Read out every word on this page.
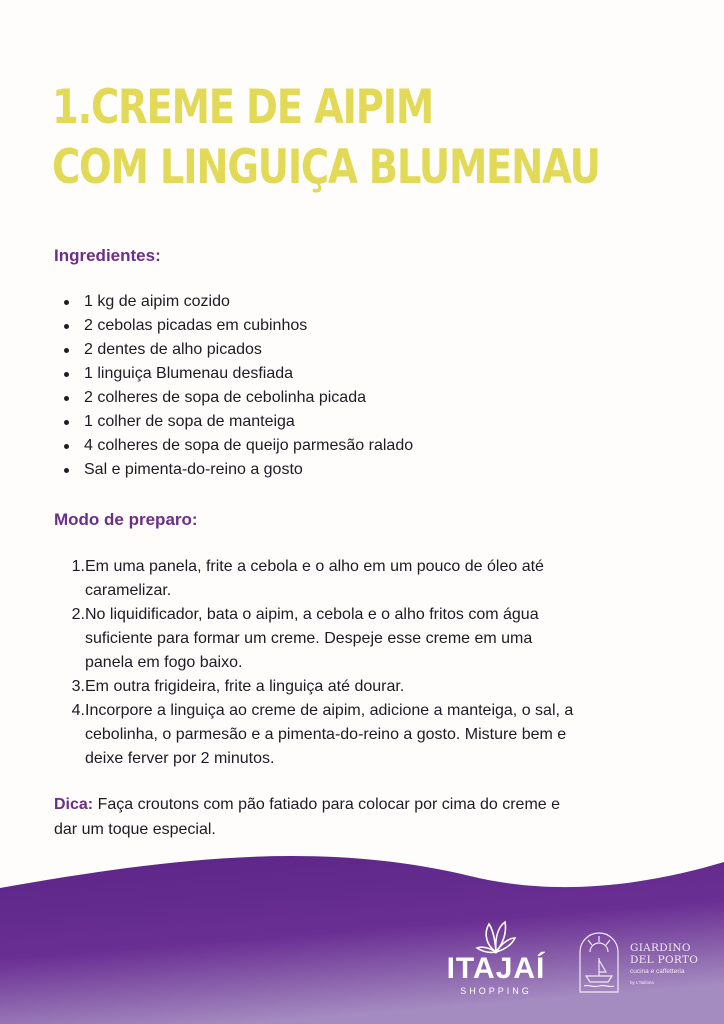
1.CREME DE AIPIM
COM LINGUIÇA BLUMENAU
Ingredientes:
1 kg de aipim cozido
2 cebolas picadas em cubinhos
2 dentes de alho picados
1 linguiça Blumenau desfiada
2 colheres de sopa de cebolinha picada
1 colher de sopa de manteiga
4 colheres de sopa de queijo parmesão ralado
Sal e pimenta-do-reino a gosto
Modo de preparo:
1. Em uma panela, frite a cebola e o alho em um pouco de óleo até
caramelizar.
2. No liquidificador, bata o aipim, a cebola e o alho fritos com água
suficiente para formar um creme. Despeje esse creme em uma
panela em fogo baixo.
3. Em outra frigideira, frite a linguiça até dourar.
4. Incorpore a linguiça ao creme de aipim, adicione a manteiga, o sal, a
cebolinha, o parmesão e a pimenta-do-reino a gosto. Misture bem e
deixe ferver por 2 minutos.

Dica: Faça croutons com pão fatiado para colocar por cima do creme e
dar um toque especial.

ITAJAÍ
SHOPPING

GIARDINO
DEL PORTO

cucina e caffetteria
by L'Italiana
